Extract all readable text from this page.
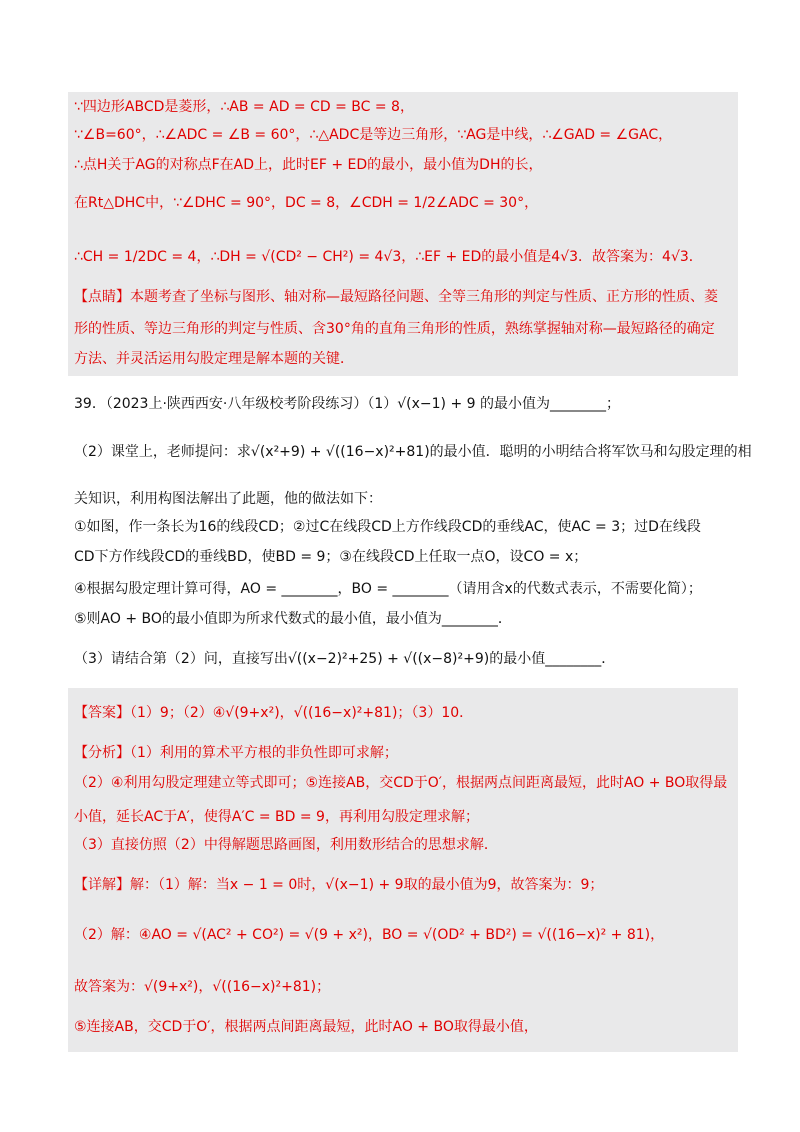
∵四边形ABCD是菱形，∴AB = AD = CD = BC = 8，
∵∠B=60°，∴∠ADC = ∠B = 60°，∴△ADC是等边三角形，∵AG是中线，∴∠GAD = ∠GAC，
∴点H关于AG的对称点F在AD上，此时EF + ED的最小，最小值为DH的长，
在Rt△DHC中，∵∠DHC = 90°，DC = 8，∠CDH = 1/2∠ADC = 30°，
∴CH = 1/2DC = 4，∴DH = √(CD² − CH²) = 4√3，∴EF + ED的最小值是4√3．故答案为：4√3．
【点睛】本题考查了坐标与图形、轴对称—最短路径问题、全等三角形的判定与性质、正方形的性质、菱
形的性质、等边三角形的判定与性质、含30°角的直角三角形的性质，熟练掌握轴对称—最短路径的确定
方法、并灵活运用勾股定理是解本题的关键．
39．（2023上·陕西西安·八年级校考阶段练习）（1）√(x−1) + 9 的最小值为________；
（2）课堂上，老师提问：求√(x²+9) + √((16−x)²+81)的最小值．聪明的小明结合将军饮马和勾股定理的相
关知识，利用构图法解出了此题，他的做法如下：
①如图，作一条长为16的线段CD；②过C在线段CD上方作线段CD的垂线AC，使AC = 3；过D在线段
CD下方作线段CD的垂线BD，使BD = 9；③在线段CD上任取一点O，设CO = x；
④根据勾股定理计算可得，AO = ________，BO = ________（请用含x的代数式表示，不需要化简）；
⑤则AO + BO的最小值即为所求代数式的最小值，最小值为________．
（3）请结合第（2）问，直接写出√((x−2)²+25) + √((x−8)²+9)的最小值________．
【答案】（1）9；（2）④√(9+x²)，√((16−x)²+81)；（3）10．
【分析】（1）利用的算术平方根的非负性即可求解；
（2）④利用勾股定理建立等式即可；⑤连接AB，交CD于O′，根据两点间距离最短，此时AO + BO取得最
小值，延长AC于A′，使得A′C = BD = 9，再利用勾股定理求解；
（3）直接仿照（2）中得解题思路画图，利用数形结合的思想求解．
【详解】解：（1）解：当x − 1 = 0时，√(x−1) + 9取的最小值为9，故答案为：9；
（2）解：④AO = √(AC² + CO²) = √(9 + x²)，BO = √(OD² + BD²) = √((16−x)² + 81)，
故答案为：√(9+x²)，√((16−x)²+81)；
⑤连接AB，交CD于O′，根据两点间距离最短，此时AO + BO取得最小值，
